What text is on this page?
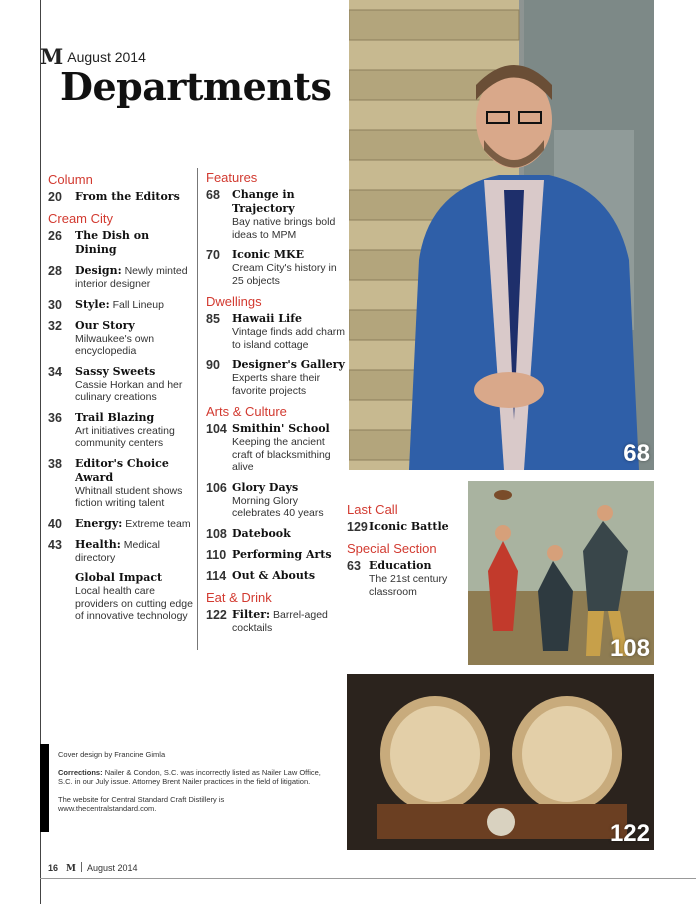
M August 2014
Departments
Column
20	From the Editors
Cream City
26	The Dish on Dining
28	Design: Newly minted interior designer
30	Style: Fall Lineup
32	Our Story
Milwaukee's own encyclopedia
34	Sassy Sweets
Cassie Horkan and her culinary creations
36	Trail Blazing
Art initiatives creating community centers
38	Editor's Choice Award
Whitnall student shows fiction writing talent
40	Energy: Extreme team
43	Health: Medical directory
Global Impact
Local health care providers on cutting edge of innovative technology
Features
68	Change in Trajectory
Bay native brings bold ideas to MPM
70	Iconic MKE
Cream City's history in 25 objects
Dwellings
85	Hawaii Life
Vintage finds add charm to island cottage
90	Designer's Gallery
Experts share their favorite projects
Arts & Culture
104 Smithin' School
Keeping the ancient craft of blacksmithing alive
106 Glory Days
Morning Glory celebrates 40 years
108 Datebook
110 Performing Arts
114 Out & Abouts
Eat & Drink
122 Filter: Barrel-aged cocktails
Last Call
129 Iconic Battle
Special Section
63 Education
The 21st century classroom
68
108
122

Cover design by Francine Gimla

Corrections: Nailer & Condon, S.C. was incorrectly listed as Nailer Law Office, S.C. in our July issue. Attorney Brent Nailer practices in the field of litigation.

The website for Central Standard Craft Distillery is www.thecentralstandard.com.

16 M August 2014
